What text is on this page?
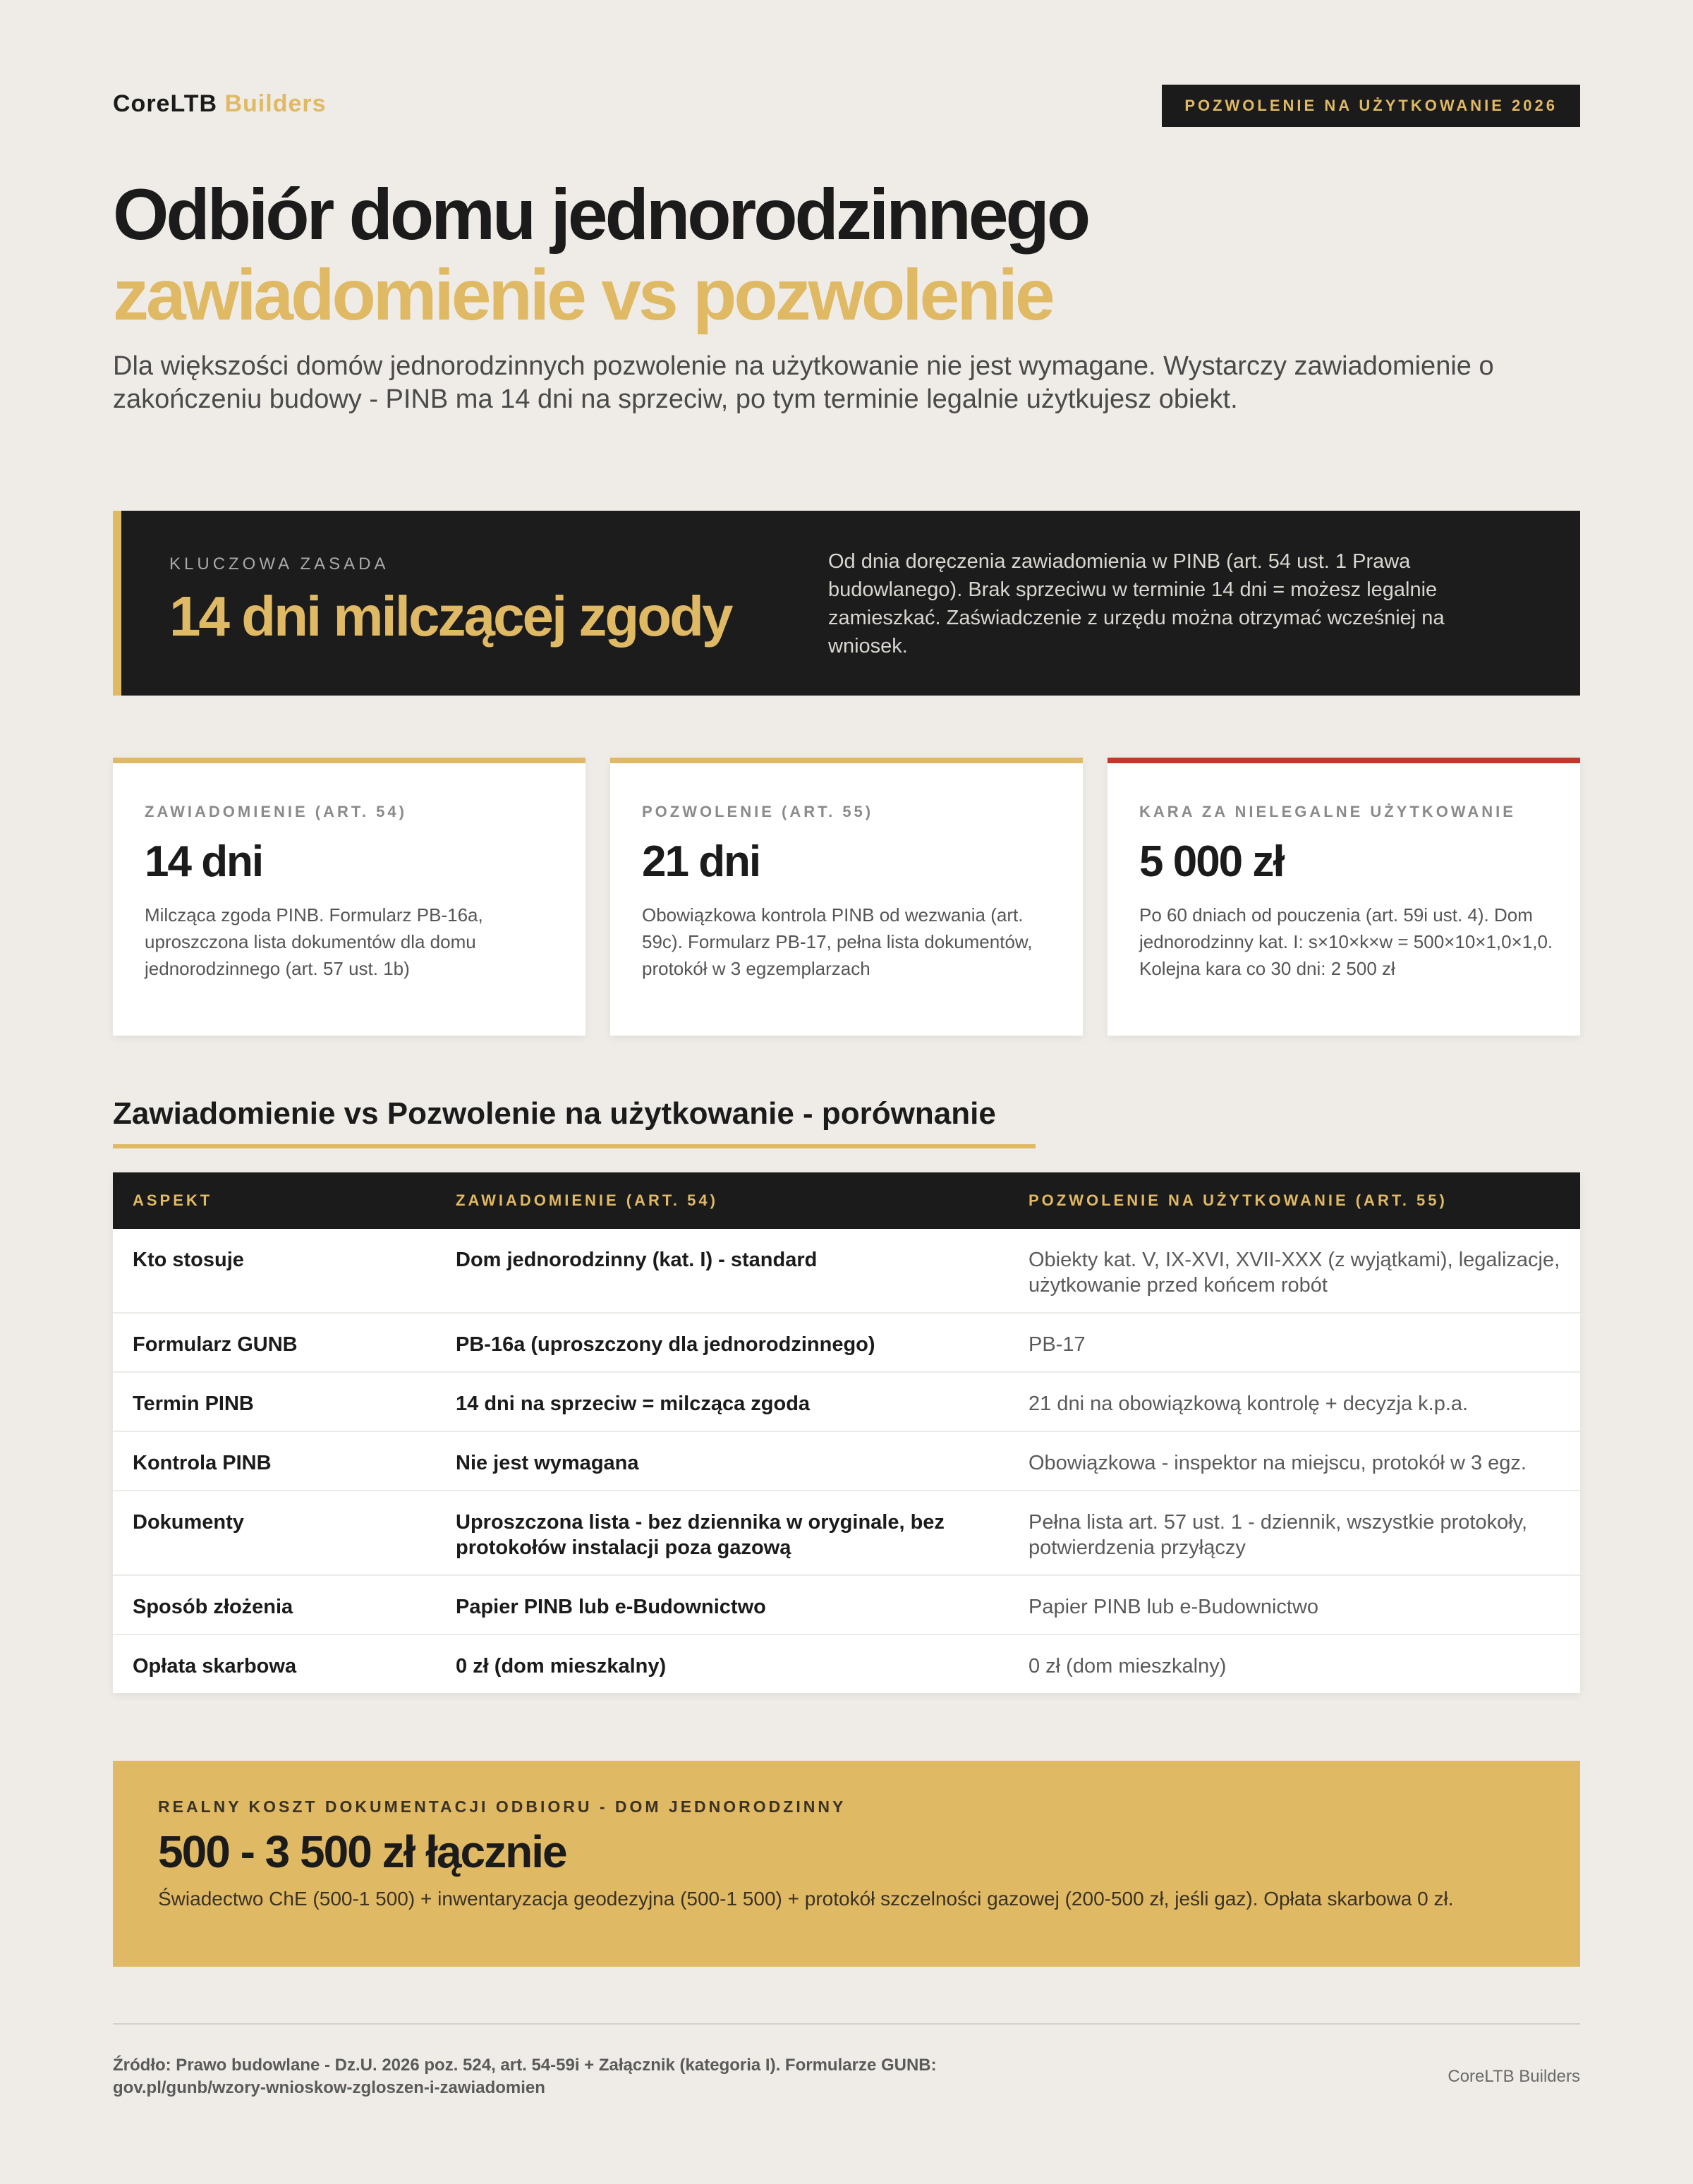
CoreLTB Builders	POZWOLENIE NA UŻYTKOWANIE 2026
Odbiór domu jednorodzinnego
zawiadomienie vs pozwolenie
Dla większości domów jednorodzinnych pozwolenie na użytkowanie nie jest wymagane. Wystarczy zawiadomienie o zakończeniu budowy - PINB ma 14 dni na sprzeciw, po tym terminie legalnie użytkujesz obiekt.
KLUCZOWA ZASADA
14 dni milczącej zgody
Od dnia doręczenia zawiadomienia w PINB (art. 54 ust. 1 Prawa budowlanego). Brak sprzeciwu w terminie 14 dni = możesz legalnie zamieszkać. Zaświadczenie z urzędu można otrzymać wcześniej na wniosek.
ZAWIADOMIENIE (ART. 54)
14 dni
Milcząca zgoda PINB. Formularz PB-16a, uproszczona lista dokumentów dla domu jednorodzinnego (art. 57 ust. 1b)
POZWOLENIE (ART. 55)
21 dni
Obowiązkowa kontrola PINB od wezwania (art. 59c). Formularz PB-17, pełna lista dokumentów, protokół w 3 egzemplarzach
KARA ZA NIELEGALNE UŻYTKOWANIE
5 000 zł
Po 60 dniach od pouczenia (art. 59i ust. 4). Dom jednorodzinny kat. I: s×10×k×w = 500×10×1,0×1,0. Kolejna kara co 30 dni: 2 500 zł
Zawiadomienie vs Pozwolenie na użytkowanie - porównanie
ASPEKT	ZAWIADOMIENIE (ART. 54)	POZWOLENIE NA UŻYTKOWANIE (ART. 55)
Kto stosuje	Dom jednorodzinny (kat. I) - standard	Obiekty kat. V, IX-XVI, XVII-XXX (z wyjątkami), legalizacje, użytkowanie przed końcem robót
Formularz GUNB	PB-16a (uproszczony dla jednorodzinnego)	PB-17
Termin PINB	14 dni na sprzeciw = milcząca zgoda	21 dni na obowiązkową kontrolę + decyzja k.p.a.
Kontrola PINB	Nie jest wymagana	Obowiązkowa - inspektor na miejscu, protokół w 3 egz.
Dokumenty	Uproszczona lista - bez dziennika w oryginale, bez protokołów instalacji poza gazową	Pełna lista art. 57 ust. 1 - dziennik, wszystkie protokoły, potwierdzenia przyłączy
Sposób złożenia	Papier PINB lub e-Budownictwo	Papier PINB lub e-Budownictwo
Opłata skarbowa	0 zł (dom mieszkalny)	0 zł (dom mieszkalny)
REALNY KOSZT DOKUMENTACJI ODBIORU - DOM JEDNORODZINNY
500 - 3 500 zł łącznie
Świadectwo ChE (500-1 500) + inwentaryzacja geodezyjna (500-1 500) + protokół szczelności gazowej (200-500 zł, jeśli gaz). Opłata skarbowa 0 zł.
Źródło: Prawo budowlane - Dz.U. 2026 poz. 524, art. 54-59i + Załącznik (kategoria I). Formularze GUNB: gov.pl/gunb/wzory-wnioskow-zgloszen-i-zawiadomien
CoreLTB Builders
